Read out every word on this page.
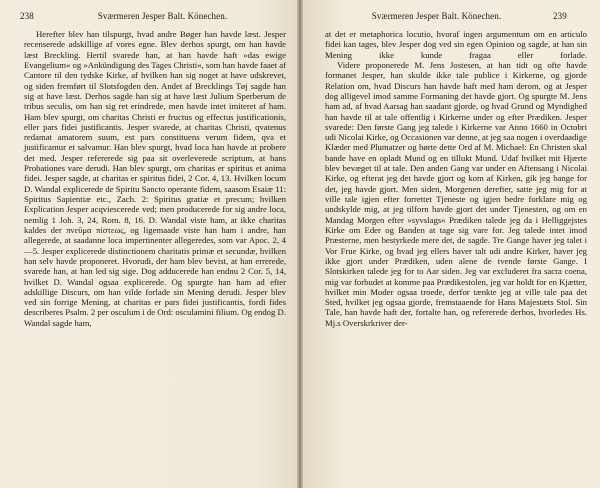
238	Sværmeren Jesper Balt. Könechen.

Herefter blev han tilspurgt, hvad andre Bøger han havde læst. Jesper recenserede adskillige af vores egne. Blev derhos spurgt, om han havde læst Breckling. Hertil svarede han, at han havde haft »das ewige Evangelium« og »Ankündigung des Tages Christi«, som han havde faaet af Cantore til den tydske Kirke, af hvilken han sig noget at have udskrevet, og siden fremført til Slotsfogden den. Andet af Brecklings Tøj sagde han sig at have læst. Derhos sagde han sig at have læst Julium Sperberum de tribus seculis, om han sig ret erindrede, men havde intet imiteret af ham. Ham blev spurgt, om charitas Christi er fructus og effectus justificationis, eller pars fidei justificantis. Jesper svarede, at charitas Christi, qvatenus redamat amatorem suum, est pars constituens verum fidem, qva et justificamur et salvamur. Han blev spurgt, hvad loca han havde at probere det med. Jesper refererede sig paa sit overleverede scriptum, at hans Probationes vare derudi. Han blev spurgt, om charitas er spiritus et anima fidei. Jesper sagde, at charitas er spiritus fidei, 2 Cor. 4, 13. Hvilken locum D. Wandal explicerede de Spiritu Sancto operante fidem, saasom Esaiæ 11: Spiritus Sapientiæ etc., Zach. 2: Spiritus gratiæ et precum; hvilken Explication Jesper acqviescerede ved; men producerede for sig andre loca, nemlig 1 Joh. 3, 24, Rom. 8, 16. D. Wandal viste ham, at ikke charitas kaldes der πνεῦμα πίστεως, og ligemaade viste han ham i andre, han allegerede, at saadanne loca impertinenter allegeredes, som var Apoc. 2, 4—5. Jesper explicerede distinctionem charitatis primæ et secundæ, hvilken han selv havde proponeret. Hvorudi, der ham blev bevist, at han errerede, svarede han, at han led sig sige. Dog adducerede han endnu 2 Cor. 5, 14, hvilket D. Wandal ogsaa explicerede. Og spurgte han ham ad efter adskillige Discurs, om han vilde forlade sin Mening derudi. Jesper blev ved sin forrige Mening, at charitas er pars fidei justificantis, fordi fides describeres Psalm. 2 per osculum i de Ord: osculamini filium. Og endog D. Wandal sagde ham,

Sværmeren Jesper Balt. Könechen.	239

at det er metaphorica locutio, hvoraf ingen argumentum om en articulo fidei kan tages, blev Jesper dog ved sin egen Opinion og sagde, at han sin Mening ikke kunde fragaa eller forlade.

Videre proponerede M. Jens Jostesen, at han tidt og ofte havde formanet Jesper, han skulde ikke tale publice i Kirkerne, og gjorde Relation om, hvad Discurs han havde haft med ham derom, og at Jesper dog alligevel imod samme Formaning det havde gjort. Og spurgte M. Jens ham ad, af hvad Aarsag han saadant gjorde, og hvad Grund og Myndighed han havde til at tale offentlig i Kirkerne under og efter Prædiken. Jesper svarede: Den første Gang jeg talede i Kirkerne var Anno 1660 in Octobri udi Nicolai Kirke, og Occasionen var denne, at jeg saa nogen i overdaadige Klæder med Plumatzer og hørte dette Ord af M. Michael: En Christen skal bande have en opladt Mund og en tillukt Mund. Udaf hvilket mit Hjærte blev bevæget til at tale. Den anden Gang var under en Aftensang i Nicolai Kirke, og efterat jeg det havde gjort og kom af Kirken, gik jeg bange for det, jeg havde gjort. Men siden, Morgenen derefter, satte jeg mig for at ville tale igjen efter forrettet Tjeneste og igjen bedre forklare mig og undskylde mig, at jeg tilforn havde gjort det under Tjenesten, og om en Mandag Morgen efter »syvslags« Prædiken talede jeg da i Helliggejstes Kirke om Eder og Banden at tage sig vare for. Jeg talede intet imod Præsterne, men bestyrkede mere det, de sagde. Tre Gange haver jeg talet i Vor Frue Kirke, og hvad jeg ellers haver talt udi andre Kirker, haver jeg ikke gjort under Prædiken, uden alene de tvende første Gange. I Slotskirken talede jeg for to Aar siden. Jeg var excluderet fra sacra coena, mig var forbudet at komme paa Prædikestolen, jeg var holdt for en Kjætter, hvilket min Moder ogsaa troede, derfor tænkte jeg at ville tale paa det Sted, hvilket jeg ogsaa gjorde, fremstaaende for Hans Majestæts Stol. Sin Tale, han havde haft der, fortalte han, og refererede derhos, hvorledes Hs. Mj.s Overskrkriver der-
